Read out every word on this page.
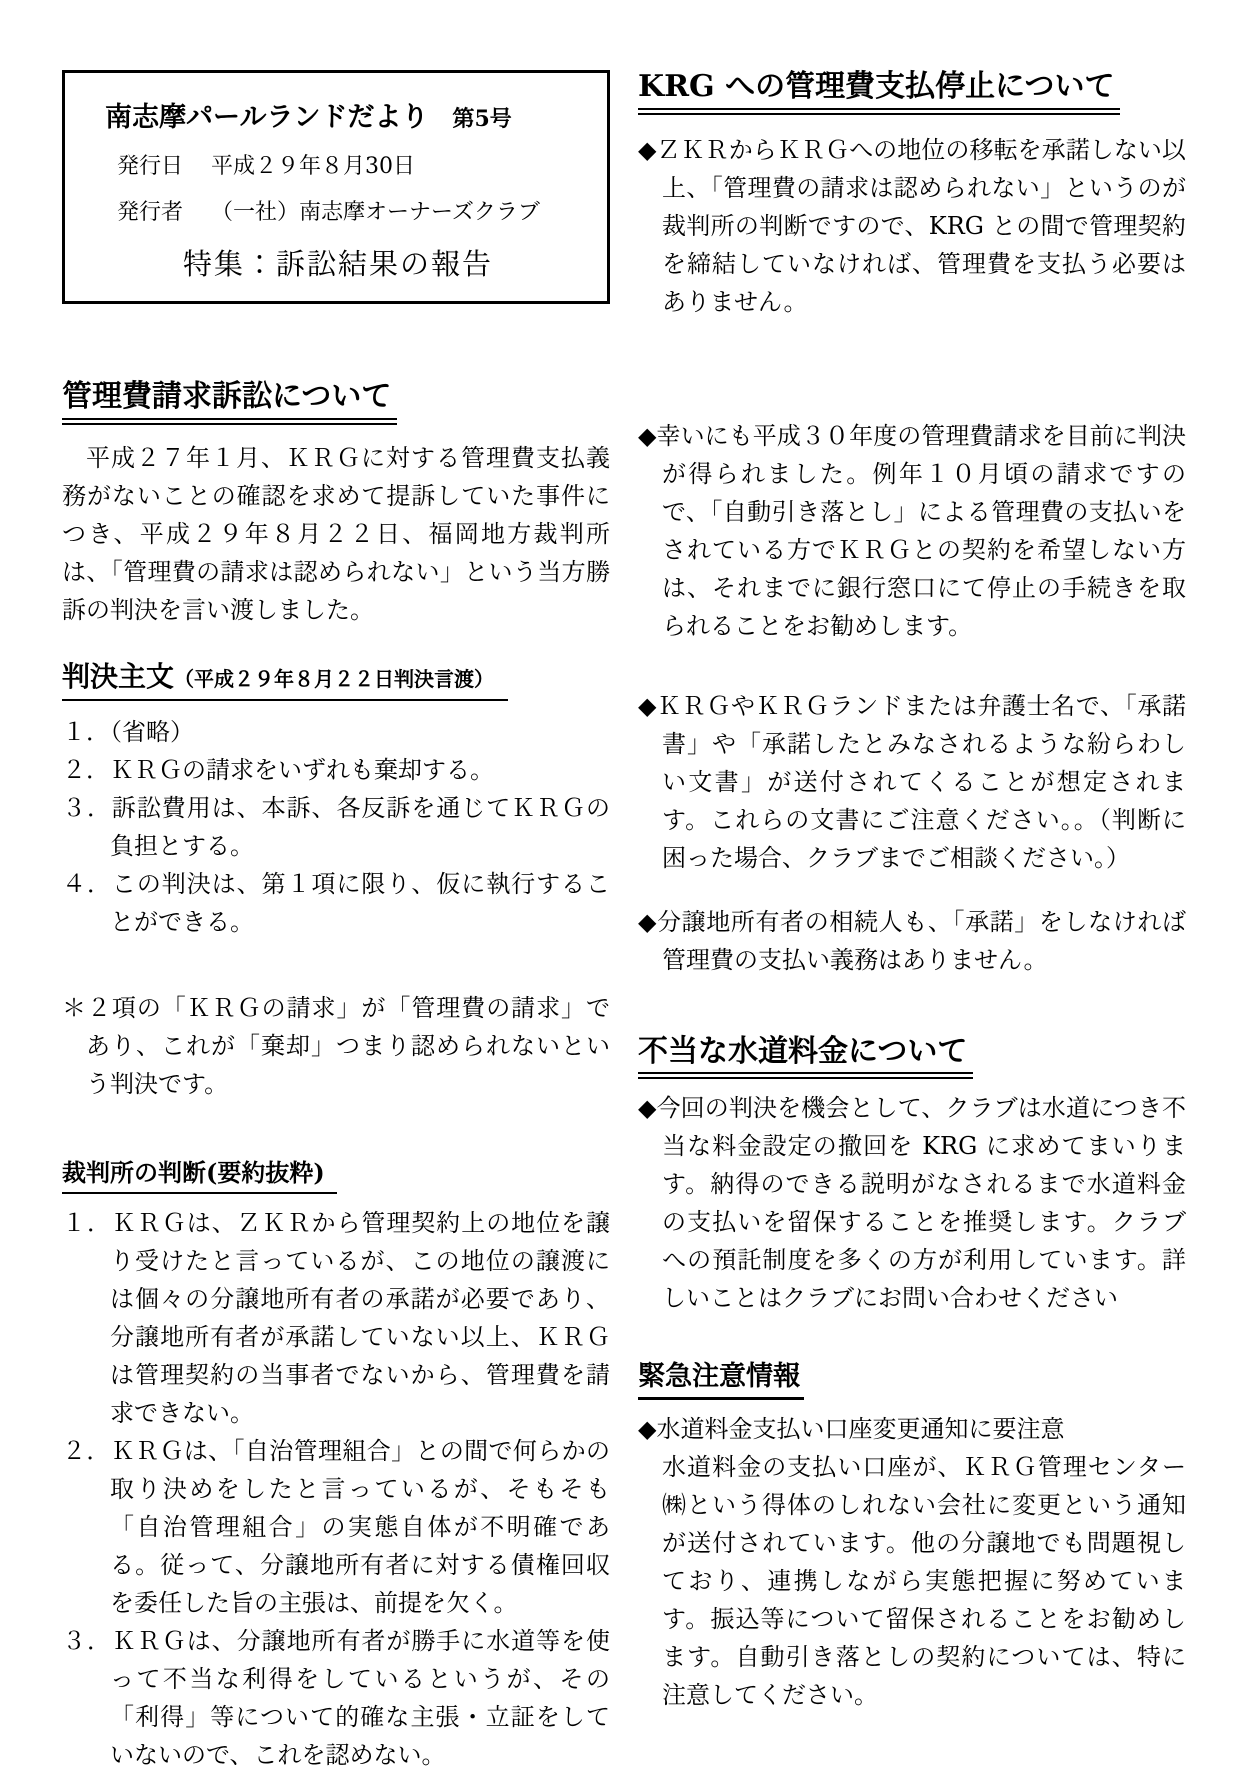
南志摩パールランドだより 第5号
発行日 平成２９年８月30日
発行者 （一社）南志摩オーナーズクラブ
特集：訴訟結果の報告
管理費請求訴訟について

平成２７年１月、ＫＲＧに対する管理費支払義務がないことの確認を求めて提訴していた事件につき、平成２９年８月２２日、福岡地方裁判所は、「管理費の請求は認められない」という当方勝訴の判決を言い渡しました。

判決主文（平成２９年８月２２日判決言渡）

１．（省略）

２．ＫＲＧの請求をいずれも棄却する。

３．訴訟費用は、本訴、各反訴を通じてＫＲＧの負担とする。

４．この判決は、第１項に限り、仮に執行することができる。

＊２項の「ＫＲＧの請求」が「管理費の請求」であり、これが「棄却」つまり認められないという判決です。

裁判所の判断(要約抜粋)

１．ＫＲＧは、ＺＫＲから管理契約上の地位を譲り受けたと言っているが、この地位の譲渡には個々の分譲地所有者の承諾が必要であり、分譲地所有者が承諾していない以上、ＫＲＧは管理契約の当事者でないから、管理費を請求できない。

２．ＫＲＧは、「自治管理組合」との間で何らかの取り決めをしたと言っているが、そもそも「自治管理組合」の実態自体が不明確である。従って、分譲地所有者に対する債権回収を委任した旨の主張は、前提を欠く。

３．ＫＲＧは、分譲地所有者が勝手に水道等を使って不当な利得をしているというが、その「利得」等について的確な主張・立証をしていないので、これを認めない。

KRG への管理費支払停止について

◆ＺＫＲからＫＲＧへの地位の移転を承諾しない以上、「管理費の請求は認められない」というのが裁判所の判断ですので、KRG との間で管理契約を締結していなければ、管理費を支払う必要はありません。

◆幸いにも平成３０年度の管理費請求を目前に判決が得られました。例年１０月頃の請求ですので、「自動引き落とし」による管理費の支払いをされている方でＫＲＧとの契約を希望しない方は、それまでに銀行窓口にて停止の手続きを取られることをお勧めします。

◆ＫＲＧやＫＲＧランドまたは弁護士名で、「承諾書」や「承諾したとみなされるような紛らわしい文書」が送付されてくることが想定されます。これらの文書にご注意ください。。（判断に困った場合、クラブまでご相談ください。）

◆分譲地所有者の相続人も、「承諾」をしなければ管理費の支払い義務はありません。

不当な水道料金について

◆今回の判決を機会として、クラブは水道につき不当な料金設定の撤回を KRG に求めてまいります。納得のできる説明がなされるまで水道料金の支払いを留保することを推奨します。クラブへの預託制度を多くの方が利用しています。詳しいことはクラブにお問い合わせください

緊急注意情報

◆水道料金支払い口座変更通知に要注意

水道料金の支払い口座が、ＫＲＧ管理センター㈱という得体のしれない会社に変更という通知が送付されています。他の分譲地でも問題視しており、連携しながら実態把握に努めています。振込等について留保されることをお勧めします。自動引き落としの契約については、特に注意してください。
